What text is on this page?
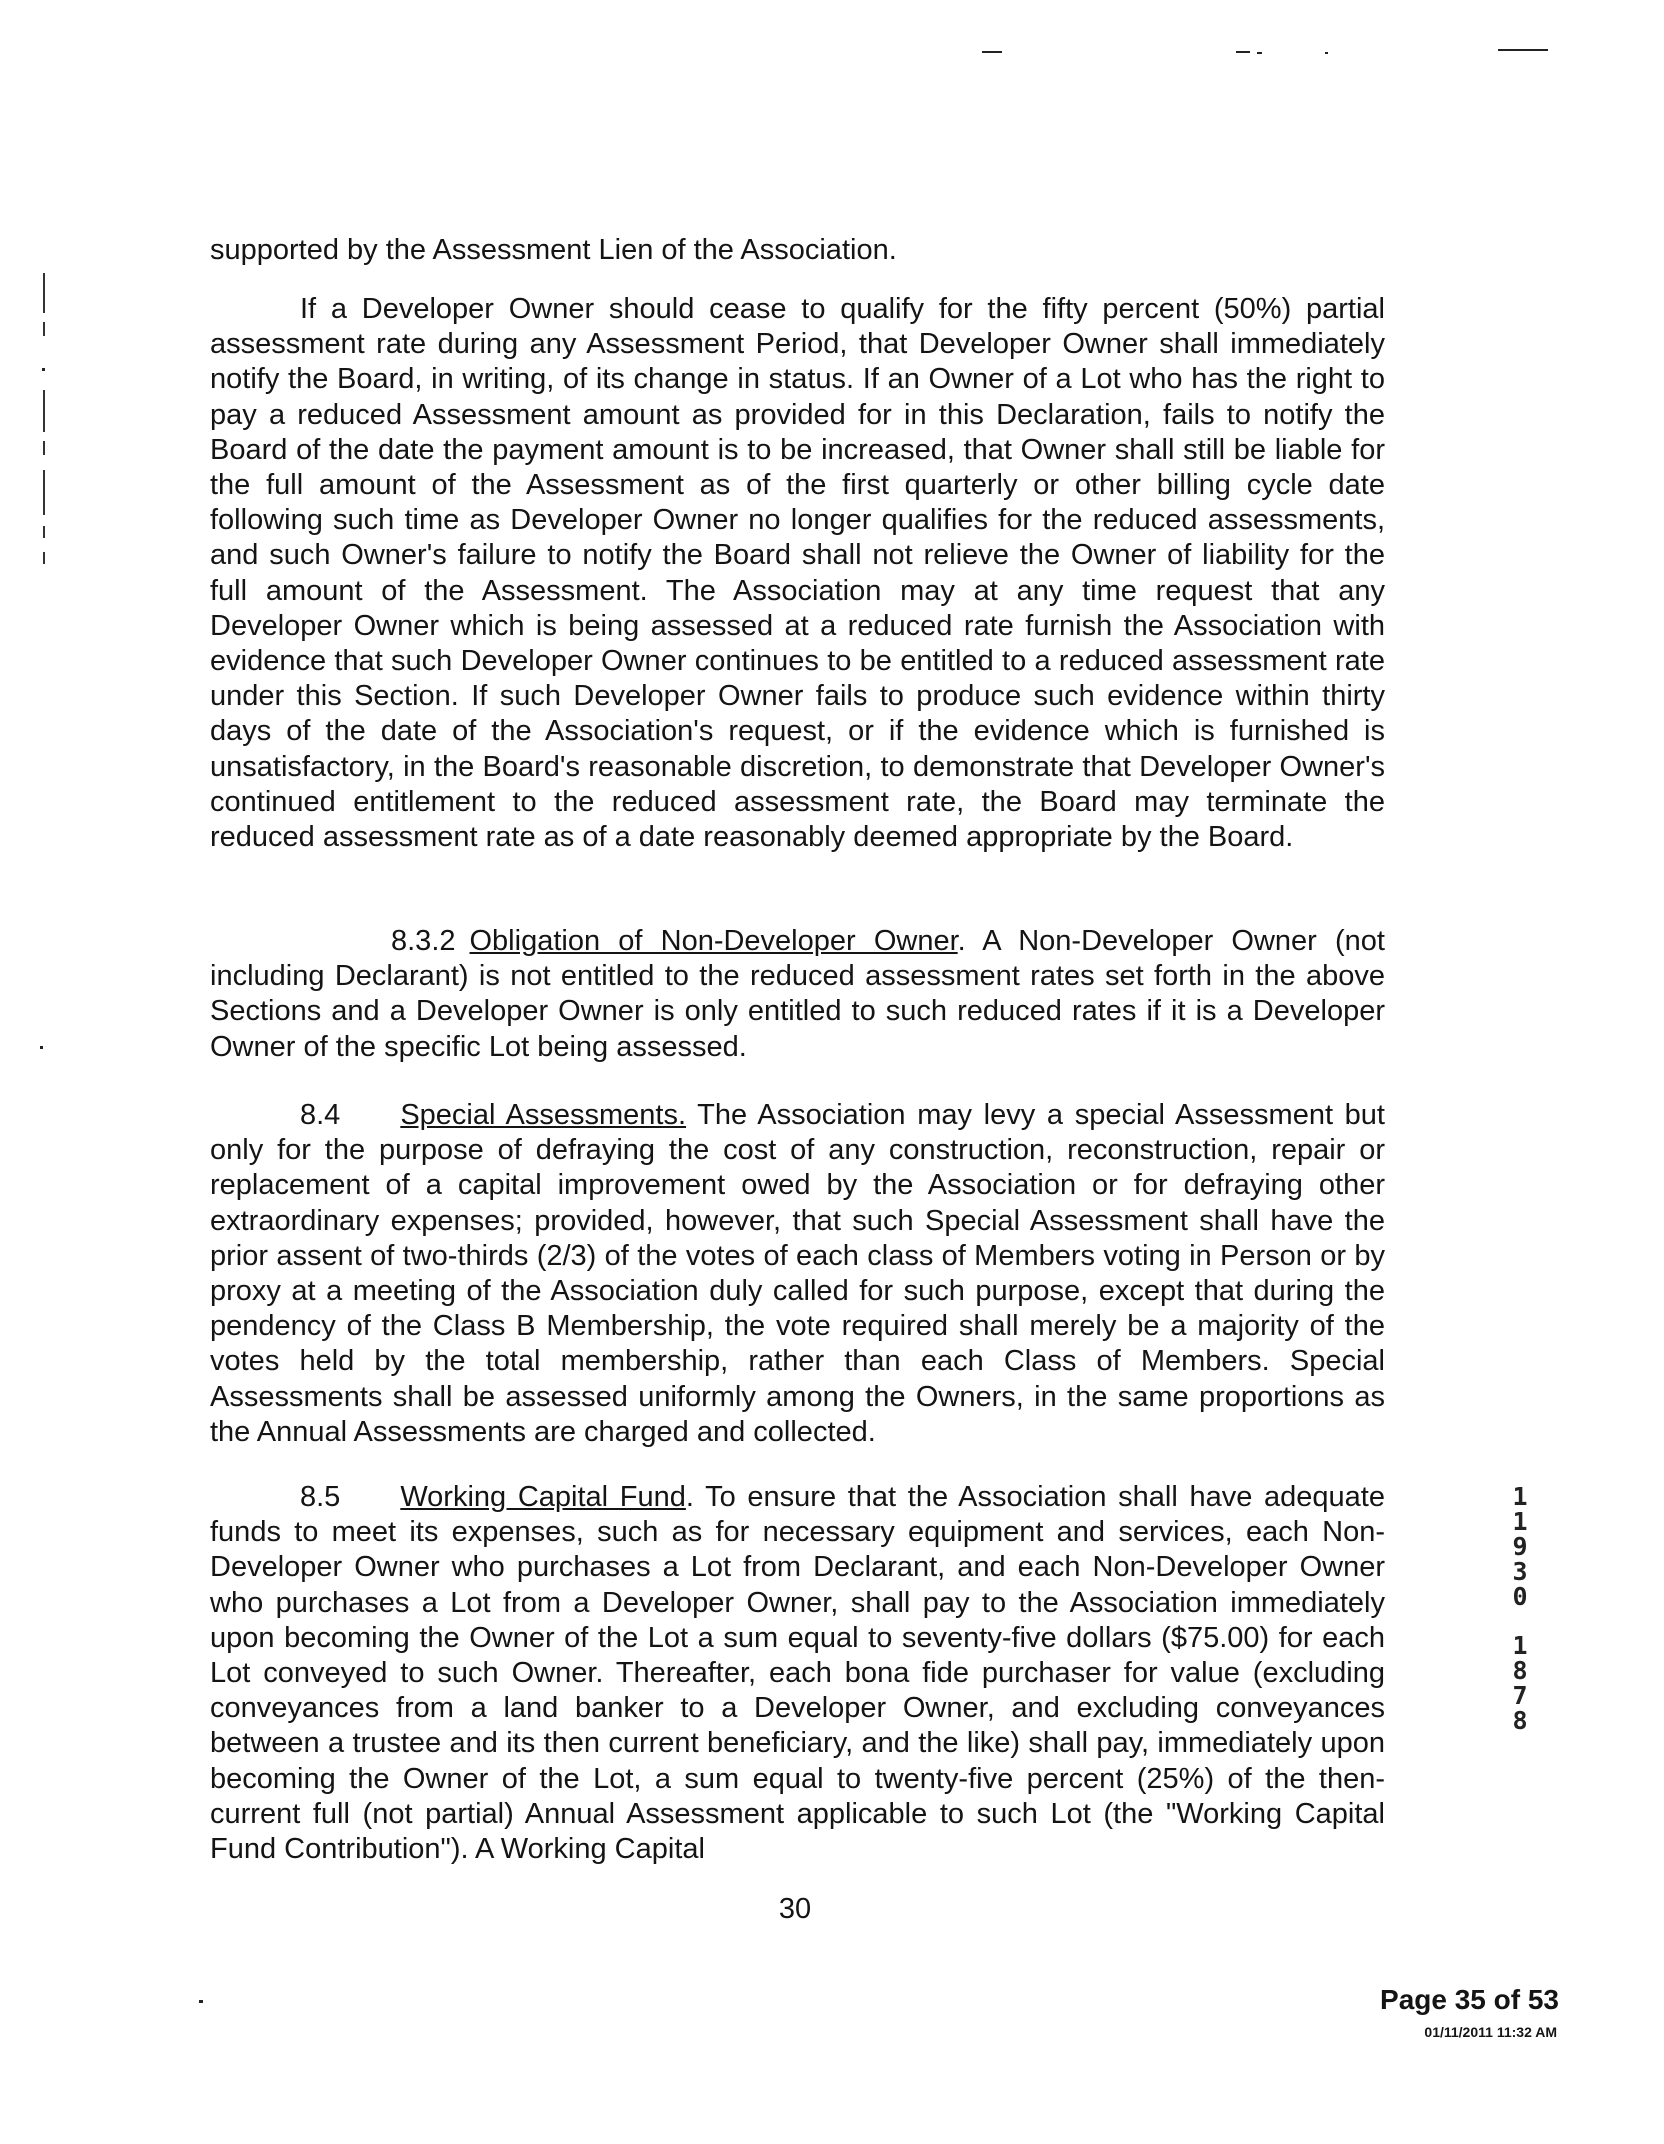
supported by the Assessment Lien of the Association.

If a Developer Owner should cease to qualify for the fifty percent (50%) partial assessment rate during any Assessment Period, that Developer Owner shall immediately notify the Board, in writing, of its change in status. If an Owner of a Lot who has the right to pay a reduced Assessment amount as provided for in this Declaration, fails to notify the Board of the date the payment amount is to be increased, that Owner shall still be liable for the full amount of the Assessment as of the first quarterly or other billing cycle date following such time as Developer Owner no longer qualifies for the reduced assessments, and such Owner's failure to notify the Board shall not relieve the Owner of liability for the full amount of the Assessment. The Association may at any time request that any Developer Owner which is being assessed at a reduced rate furnish the Association with evidence that such Developer Owner continues to be entitled to a reduced assessment rate under this Section. If such Developer Owner fails to produce such evidence within thirty days of the date of the Association's request, or if the evidence which is furnished is unsatisfactory, in the Board's reasonable discretion, to demonstrate that Developer Owner's continued entitlement to the reduced assessment rate, the Board may terminate the reduced assessment rate as of a date reasonably deemed appropriate by the Board.

8.3.2 Obligation of Non-Developer Owner. A Non-Developer Owner (not including Declarant) is not entitled to the reduced assessment rates set forth in the above Sections and a Developer Owner is only entitled to such reduced rates if it is a Developer Owner of the specific Lot being assessed.

8.4 Special Assessments. The Association may levy a special Assessment but only for the purpose of defraying the cost of any construction, reconstruction, repair or replacement of a capital improvement owed by the Association or for defraying other extraordinary expenses; provided, however, that such Special Assessment shall have the prior assent of two-thirds (2/3) of the votes of each class of Members voting in Person or by proxy at a meeting of the Association duly called for such purpose, except that during the pendency of the Class B Membership, the vote required shall merely be a majority of the votes held by the total membership, rather than each Class of Members. Special Assessments shall be assessed uniformly among the Owners, in the same proportions as the Annual Assessments are charged and collected.

8.5 Working Capital Fund. To ensure that the Association shall have adequate funds to meet its expenses, such as for necessary equipment and services, each Non-Developer Owner who purchases a Lot from Declarant, and each Non-Developer Owner who purchases a Lot from a Developer Owner, shall pay to the Association immediately upon becoming the Owner of the Lot a sum equal to seventy-five dollars ($75.00) for each Lot conveyed to such Owner. Thereafter, each bona fide purchaser for value (excluding conveyances from a land banker to a Developer Owner, and excluding conveyances between a trustee and its then current beneficiary, and the like) shall pay, immediately upon becoming the Owner of the Lot, a sum equal to twenty-five percent (25%) of the then-current full (not partial) Annual Assessment applicable to such Lot (the "Working Capital Fund Contribution"). A Working Capital

1
1
9
3
0
1
8
7
8
30
Page 35 of 53
01/11/2011 11:32 AM
